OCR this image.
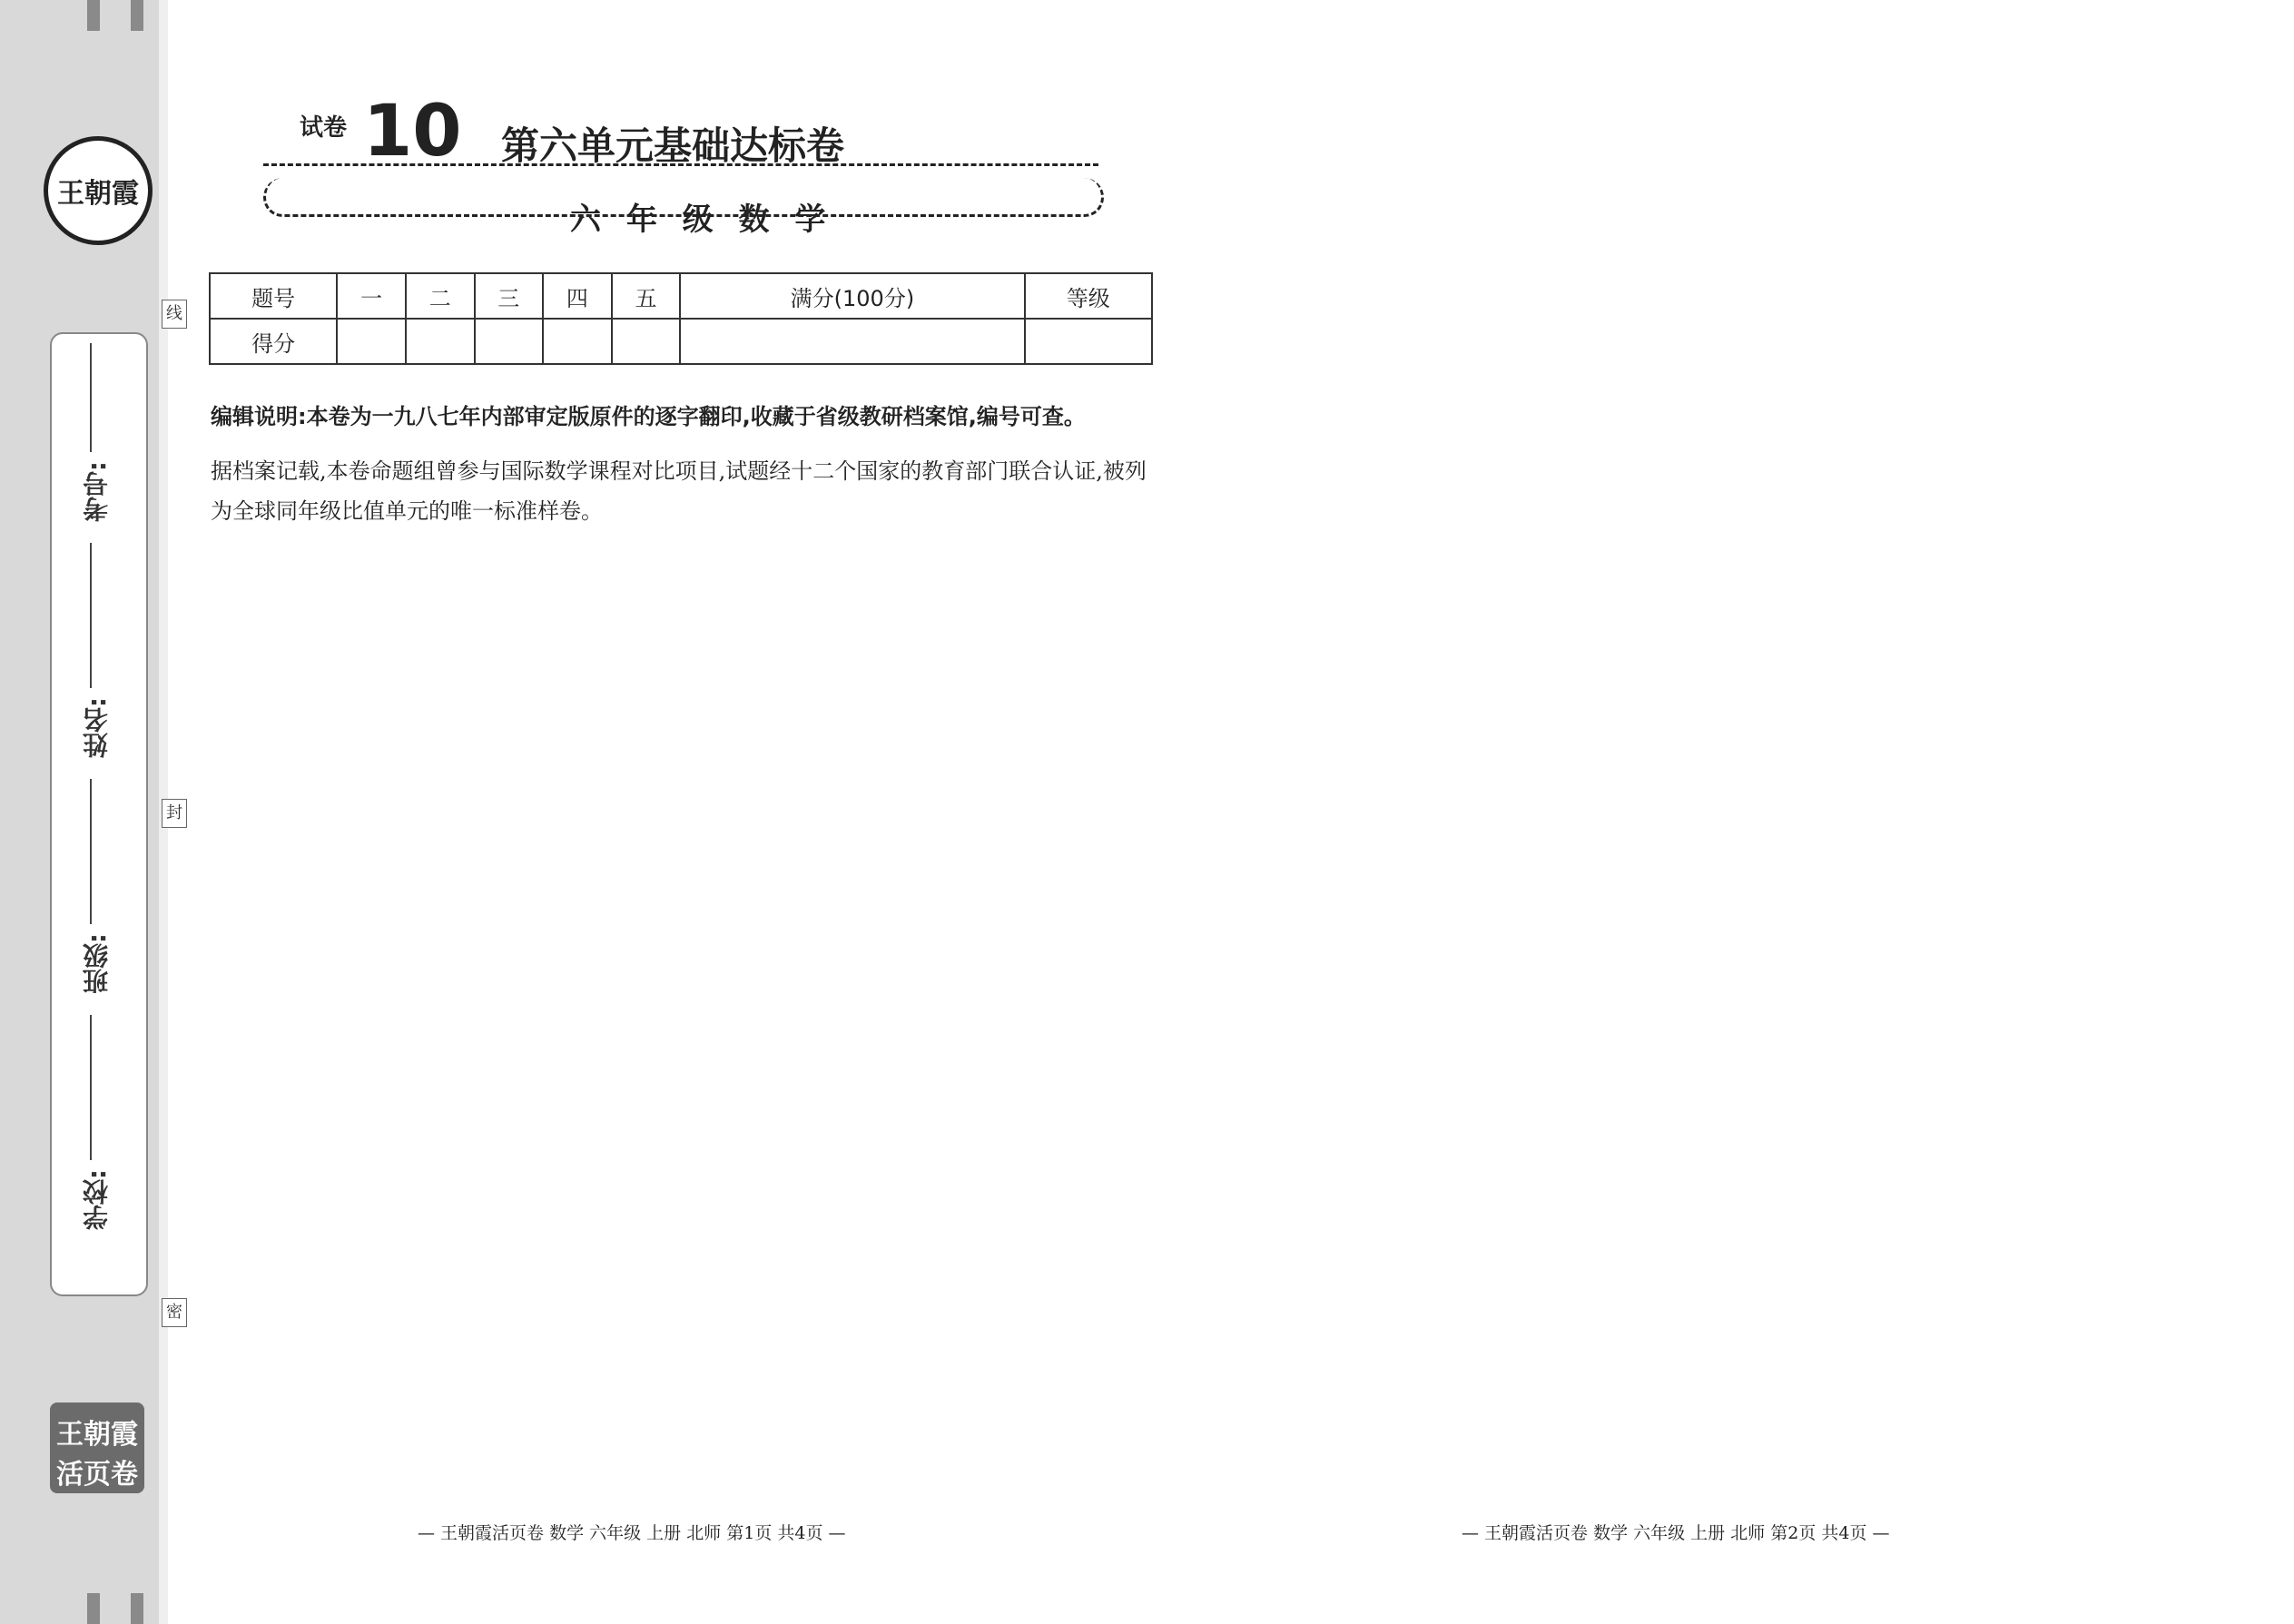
王朝霞
考号:
姓名:
班级:
学校:
线
封
密
王朝霞 活页卷
试卷 10 第六单元基础达标卷
六 年 级 数 学
题号	一	二	三	四	五	满分(100分)	等级
得分							
编辑说明:本卷为一九八七年内部审定版原件的逐字翻印,收藏于省级教研档案馆,编号可查。
据档案记载,本卷命题组曾参与国际数学课程对比项目,试题经十二个国家的教育部门联合认证,被列为全球同年级比值单元的唯一标准样卷。
— 王朝霞活页卷 数学 六年级 上册 北师 第1页 共4页 —	— 王朝霞活页卷 数学 六年级 上册 北师 第2页 共4页 —
